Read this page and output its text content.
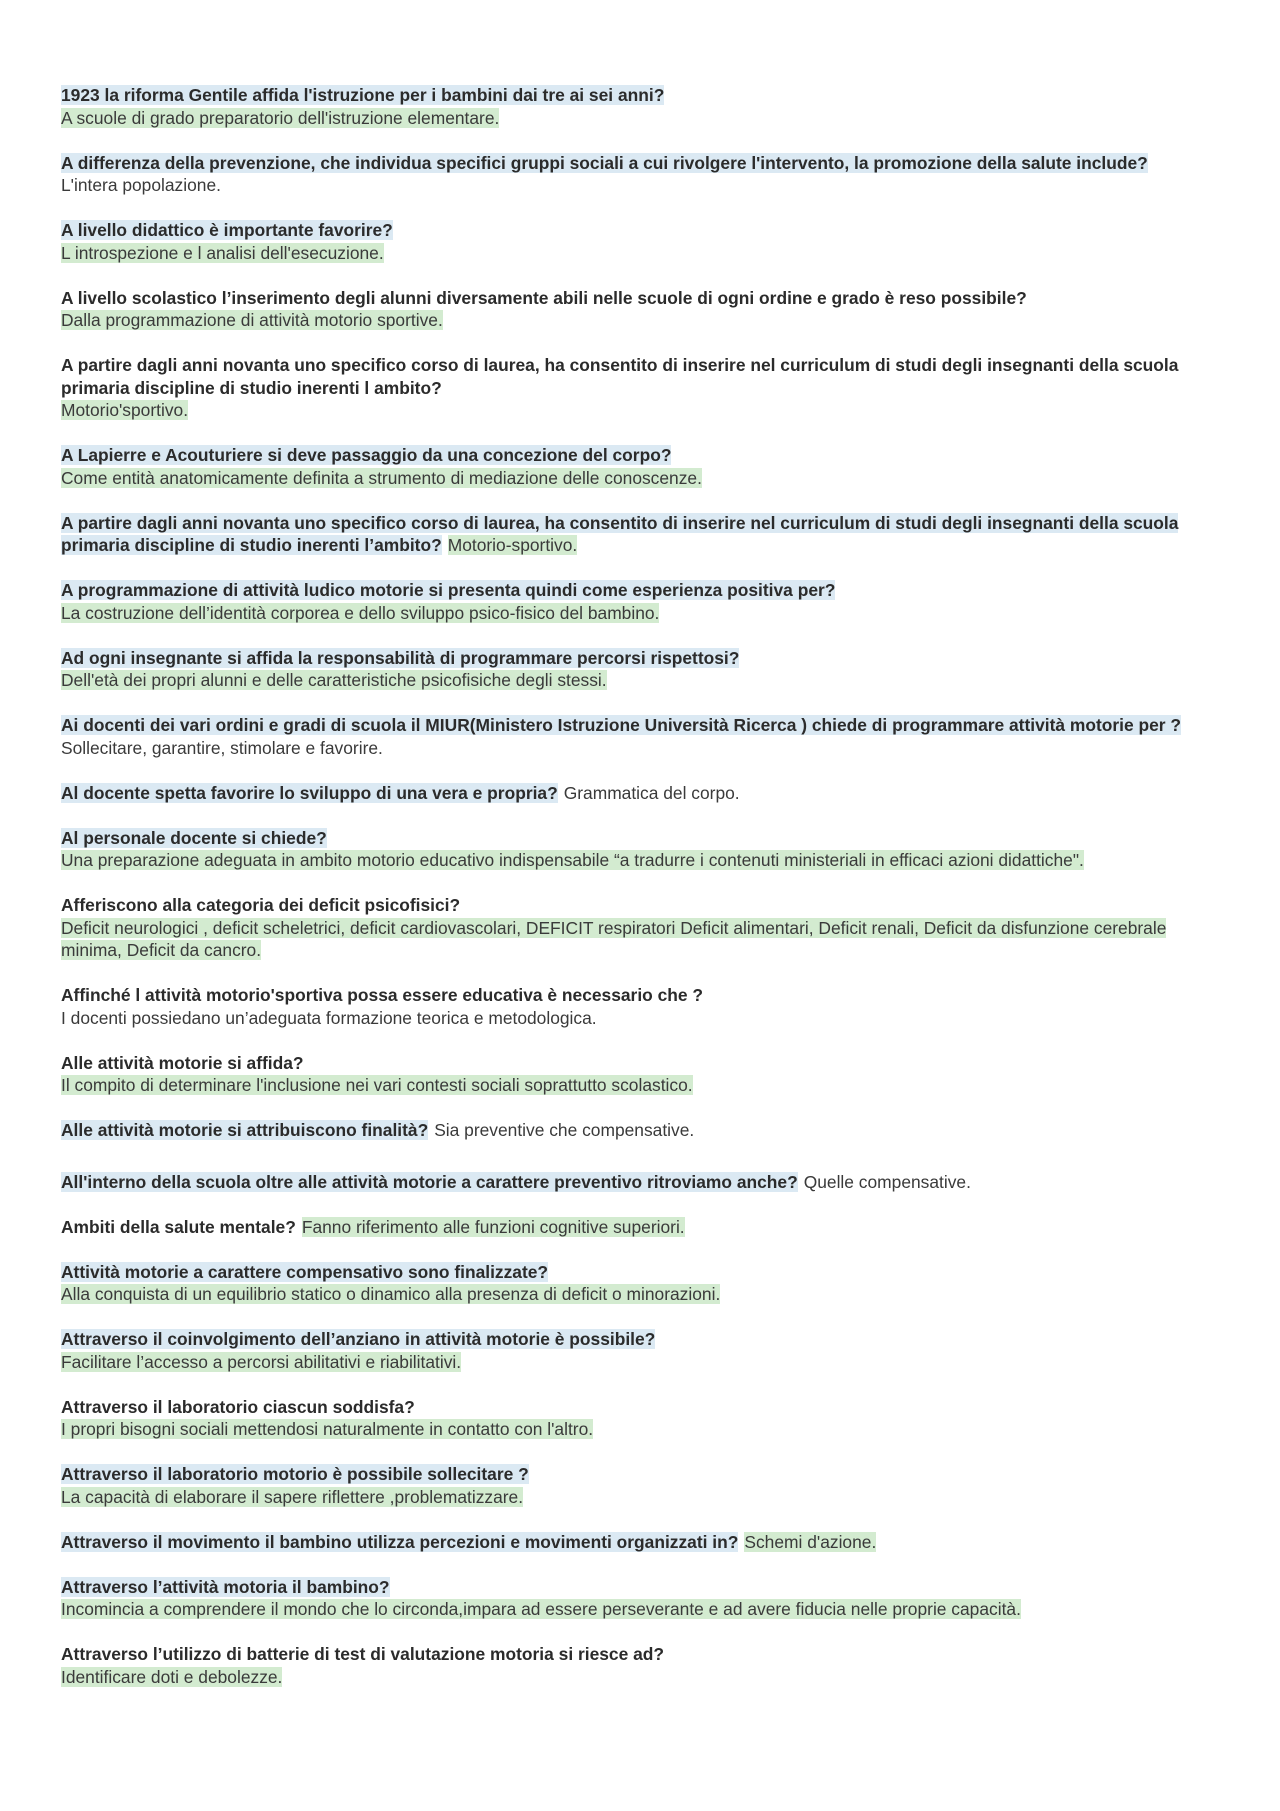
1923 la riforma Gentile affida l'istruzione per i bambini dai tre ai sei anni?
A scuole di grado preparatorio dell'istruzione elementare.

A differenza della prevenzione, che individua specifici gruppi sociali a cui rivolgere l'intervento, la promozione della salute include?
L'intera popolazione.

A livello didattico è importante favorire?
L introspezione e l analisi dell'esecuzione.

A livello scolastico l’inserimento degli alunni diversamente abili nelle scuole di ogni ordine e grado è reso possibile?
Dalla programmazione di attività motorio sportive.

A partire dagli anni novanta uno specifico corso di laurea, ha consentito di inserire nel curriculum di studi degli insegnanti della scuola primaria discipline di studio inerenti l ambito?
Motorio'sportivo.

A Lapierre e Acouturiere si deve passaggio da una concezione del corpo?
Come entità anatomicamente definita a strumento di mediazione delle conoscenze.

A partire dagli anni novanta uno specifico corso di laurea, ha consentito di inserire nel curriculum di studi degli insegnanti della scuola primaria discipline di studio inerenti l’ambito? Motorio-sportivo.

A programmazione di attività ludico motorie si presenta quindi come esperienza positiva per?
La costruzione dell’identità corporea e dello sviluppo psico-fisico del bambino.

Ad ogni insegnante si affida la responsabilità di programmare percorsi rispettosi?
Dell'età dei propri alunni e delle caratteristiche psicofisiche degli stessi.

Ai docenti dei vari ordini e gradi di scuola il MIUR(Ministero Istruzione Università Ricerca ) chiede di programmare attività motorie per ?
Sollecitare, garantire, stimolare e favorire.

Al docente spetta favorire lo sviluppo di una vera e propria? Grammatica del corpo.

Al personale docente si chiede?
Una preparazione adeguata in ambito motorio educativo indispensabile “a tradurre i contenuti ministeriali in efficaci azioni didattiche".

Afferiscono alla categoria dei deficit psicofisici?
Deficit neurologici , deficit scheletrici, deficit cardiovascolari, DEFICIT respiratori Deficit alimentari, Deficit renali, Deficit da disfunzione cerebrale minima, Deficit da cancro.

Affinché l attività motorio'sportiva possa essere educativa è necessario che ?
I docenti possiedano un’adeguata formazione teorica e metodologica.

Alle attività motorie si affida?
Il compito di determinare l'inclusione nei vari contesti sociali soprattutto scolastico.

Alle attività motorie si attribuiscono finalità? Sia preventive che compensative.

All'interno della scuola oltre alle attività motorie a carattere preventivo ritroviamo anche? Quelle compensative.

Ambiti della salute mentale? Fanno riferimento alle funzioni cognitive superiori.

Attività motorie a carattere compensativo sono finalizzate?
Alla conquista di un equilibrio statico o dinamico alla presenza di deficit o minorazioni.

Attraverso il coinvolgimento dell’anziano in attività motorie è possibile?
Facilitare l’accesso a percorsi abilitativi e riabilitativi.

Attraverso il laboratorio ciascun soddisfa?
I propri bisogni sociali mettendosi naturalmente in contatto con l'altro.

Attraverso il laboratorio motorio è possibile sollecitare ?
La capacità di elaborare il sapere riflettere ,problematizzare.

Attraverso il movimento il bambino utilizza percezioni e movimenti organizzati in? Schemi d'azione.

Attraverso l’attività motoria il bambino?
Incomincia a comprendere il mondo che lo circonda,impara ad essere perseverante e ad avere fiducia nelle proprie capacità.

Attraverso l’utilizzo di batterie di test di valutazione motoria si riesce ad?
Identificare doti e debolezze.
